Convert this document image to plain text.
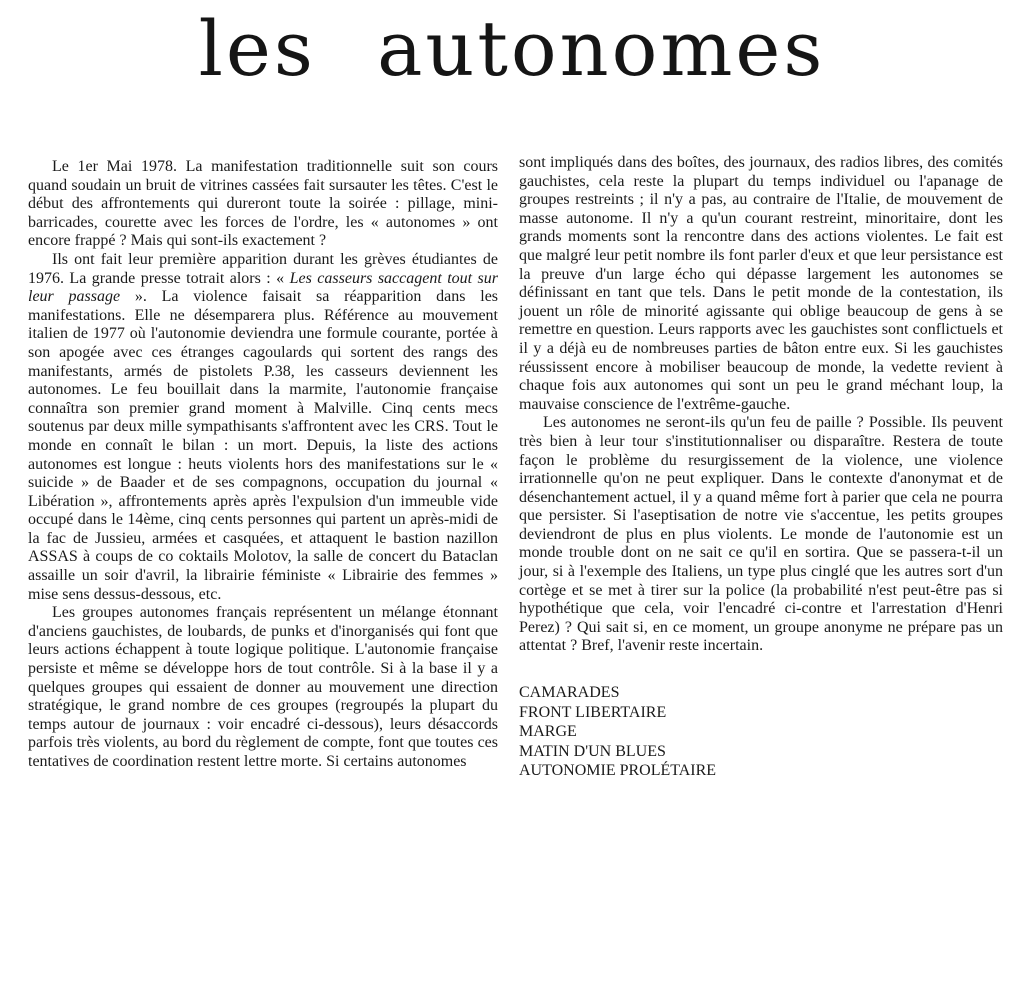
les autonomes

Le 1er Mai 1978. La manifestation traditionnelle suit son cours quand soudain un bruit de vitrines cassées fait sursauter les têtes. C'est le début des affrontements qui dureront toute la soirée : pillage, mini-barricades, courette avec les forces de l'ordre, les « autonomes » ont encore frappé ? Mais qui sont-ils exactement ?

Ils ont fait leur première apparition durant les grèves étudiantes de 1976. La grande presse totrait alors : « Les casseurs saccagent tout sur leur passage ». La violence faisait sa réapparition dans les manifestations. Elle ne désemparera plus. Référence au mouvement italien de 1977 où l'autonomie deviendra une formule courante, portée à son apogée avec ces étranges cagoulards qui sortent des rangs des manifestants, armés de pistolets P.38, les casseurs deviennent les autonomes. Le feu bouillait dans la marmite, l'autonomie française connaîtra son premier grand moment à Malville. Cinq cents mecs soutenus par deux mille sympathisants s'affrontent avec les CRS. Tout le monde en connaît le bilan : un mort. Depuis, la liste des actions autonomes est longue : heuts violents hors des manifestations sur le « suicide » de Baader et de ses compagnons, occupation du journal « Libération », affrontements après après l'expulsion d'un immeuble vide occupé dans le 14ème, cinq cents personnes qui partent un après-midi de la fac de Jussieu, armées et casquées, et attaquent le bastion nazillon ASSAS à coups de co coktails Molotov, la salle de concert du Bataclan assaille un soir d'avril, la librairie féministe « Librairie des femmes » mise sens dessus-dessous, etc.

Les groupes autonomes français représentent un mélange étonnant d'anciens gauchistes, de loubards, de punks et d'inorganisés qui font que leurs actions échappent à toute logique politique. L'autonomie française persiste et même se développe hors de tout contrôle. Si à la base il y a quelques groupes qui essaient de donner au mouvement une direction stratégique, le grand nombre de ces groupes (regroupés la plupart du temps autour de journaux : voir encadré ci-dessous), leurs désaccords parfois très violents, au bord du règlement de compte, font que toutes ces tentatives de coordination restent lettre morte. Si certains autonomes

sont impliqués dans des boîtes, des journaux, des radios libres, des comités gauchistes, cela reste la plupart du temps individuel ou l'apanage de groupes restreints ; il n'y a pas, au contraire de l'Italie, de mouvement de masse autonome. Il n'y a qu'un courant restreint, minoritaire, dont les grands moments sont la rencontre dans des actions violentes. Le fait est que malgré leur petit nombre ils font parler d'eux et que leur persistance est la preuve d'un large écho qui dépasse largement les autonomes se définissant en tant que tels. Dans le petit monde de la contestation, ils jouent un rôle de minorité agissante qui oblige beaucoup de gens à se remettre en question. Leurs rapports avec les gauchistes sont conflictuels et il y a déjà eu de nombreuses parties de bâton entre eux. Si les gauchistes réussissent encore à mobiliser beaucoup de monde, la vedette revient à chaque fois aux autonomes qui sont un peu le grand méchant loup, la mauvaise conscience de l'extrême-gauche.

Les autonomes ne seront-ils qu'un feu de paille ? Possible. Ils peuvent très bien à leur tour s'institutionnaliser ou disparaître. Restera de toute façon le problème du resurgissement de la violence, une violence irrationnelle qu'on ne peut expliquer. Dans le contexte d'anonymat et de désenchantement actuel, il y a quand même fort à parier que cela ne pourra que persister. Si l'aseptisation de notre vie s'accentue, les petits groupes deviendront de plus en plus violents. Le monde de l'autonomie est un monde trouble dont on ne sait ce qu'il en sortira. Que se passera-t-il un jour, si à l'exemple des Italiens, un type plus cinglé que les autres sort d'un cortège et se met à tirer sur la police (la probabilité n'est peut-être pas si hypothétique que cela, voir l'encadré ci-contre et l'arrestation d'Henri Perez) ? Qui sait si, en ce moment, un groupe anonyme ne prépare pas un attentat ? Bref, l'avenir reste incertain.

CAMARADES
FRONT LIBERTAIRE
MARGE
MATIN D'UN BLUES
AUTONOMIE PROLÉTAIRE
